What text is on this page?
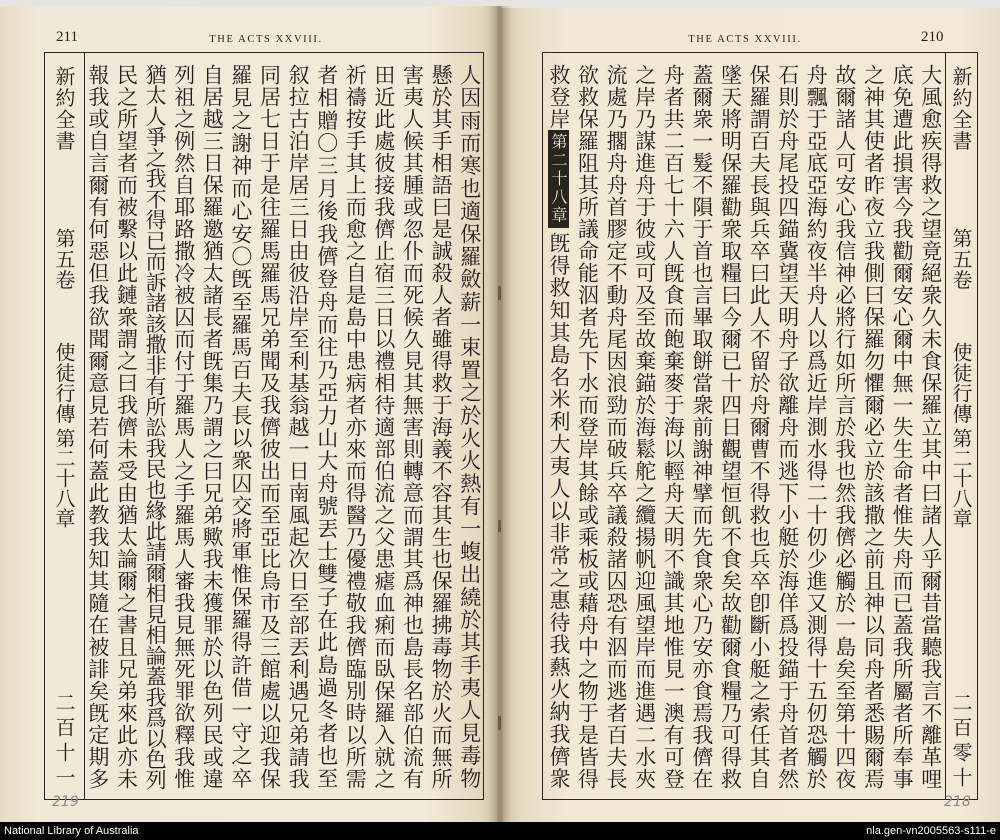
211	THE ACTS XXVIII.
新約全書
第五卷
使徒行傳
第二十八章
二百十一	人因雨而寒也適保羅斂薪一束置之於火火熱有一蝮出繞於其手夷人見毒物
懸於其手相語曰是誠殺人者雖得救于海義不容其生也保羅拂毒物於火而無所
害夷人候其腫或忽仆而死候久見其無害則轉意而謂其爲神也島長名部伯流有
田近此處彼接我儕止宿三日以禮相待適部伯流之父患瘧血痢而臥保羅入就之
祈禱按手其上而愈之自是島中患病者亦來而得醫乃優禮敬我儕臨別時以所需
者相贈〇三月後我儕登舟而往乃亞力山大舟號丟士雙子在此島過冬者也至
叙拉古泊岸居三日由彼沿岸至利基翁越一日南風起次日至部丟利遇兄弟請我
同居七日于是往羅馬羅馬兄弟聞及我儕彼出而至亞比烏市及三館處以迎我保
羅見之謝神而心安〇旣至羅馬百夫長以衆囚交將軍惟保羅得許借一守之卒
自居越三日保羅邀猶太諸長者旣集乃謂之曰兄弟歟我未獲罪於以色列民或違
列祖之例然自耶路撒冷被囚而付于羅馬人之手羅馬人審我見無死罪欲釋我惟
猶太人爭之我不得已而訴諸該撒非有所訟我民也緣此請爾相見相論蓋我爲以色列
民之所望者而被繫以此鏈衆謂之曰我儕未受由猶太論爾之書且兄弟來此亦未
報我或自言爾有何惡但我欲聞爾意見若何蓋此教我知其隨在被誹矣旣定期多
219
THE ACTS XXVIII.	210
新約全書
第五卷
使徒行傳
第二十八章
二百零十
大風愈疾得救之望竟絕衆久未食保羅立其中曰諸人乎爾昔當聽我言不離革哩
底免遭此損害今我勸爾安心爾中無一失生命者惟失舟而已蓋我所屬者所奉事
之神其使者昨夜立我側曰保羅勿懼爾必立於該撒之前且神以同舟者悉賜爾焉
故爾諸人可安心我信神必將行如所言於我也然我儕必觸於一島矣至第十四夜
舟飄于亞底亞海約夜半舟人以爲近岸測水得二十仞少進又測得十五仞恐觸於
石則於舟尾投四錨冀望天明舟子欲離舟而逃下小艇於海佯爲投錨于舟首者然
保羅謂百夫長與兵卒曰此人不留於舟爾曹不得救也兵卒卽斷小艇之索任其自
墜天將明保羅勸衆取糧曰今爾已十四日觀望恒飢不食矣故勸爾食糧乃可得救
蓋爾衆一髮不隕于首也言畢取餅當衆前謝神擘而先食衆心乃安亦食焉我儕在
舟者共二百七十六人旣食而飽棄麥于海以輕舟天明不識其地惟見一澳有可登
之岸乃謀進舟于彼或可及至故棄錨於海鬆舵之纜揚帆迎風望岸而進遇二水夾
流處乃擱舟舟首膠定不動舟尾因浪勁而破兵卒議殺諸囚恐有泅而逃者百夫長
欲救保羅阻其所議命能泅者先下水而登岸其餘或乘板或藉舟中之物于是皆得
救登岸
第二十八章
旣得救知其島名米利大夷人以非常之惠待我爇火納我儕衆
218
National Library of Australia	nla.gen-vn2005563-s111-e
